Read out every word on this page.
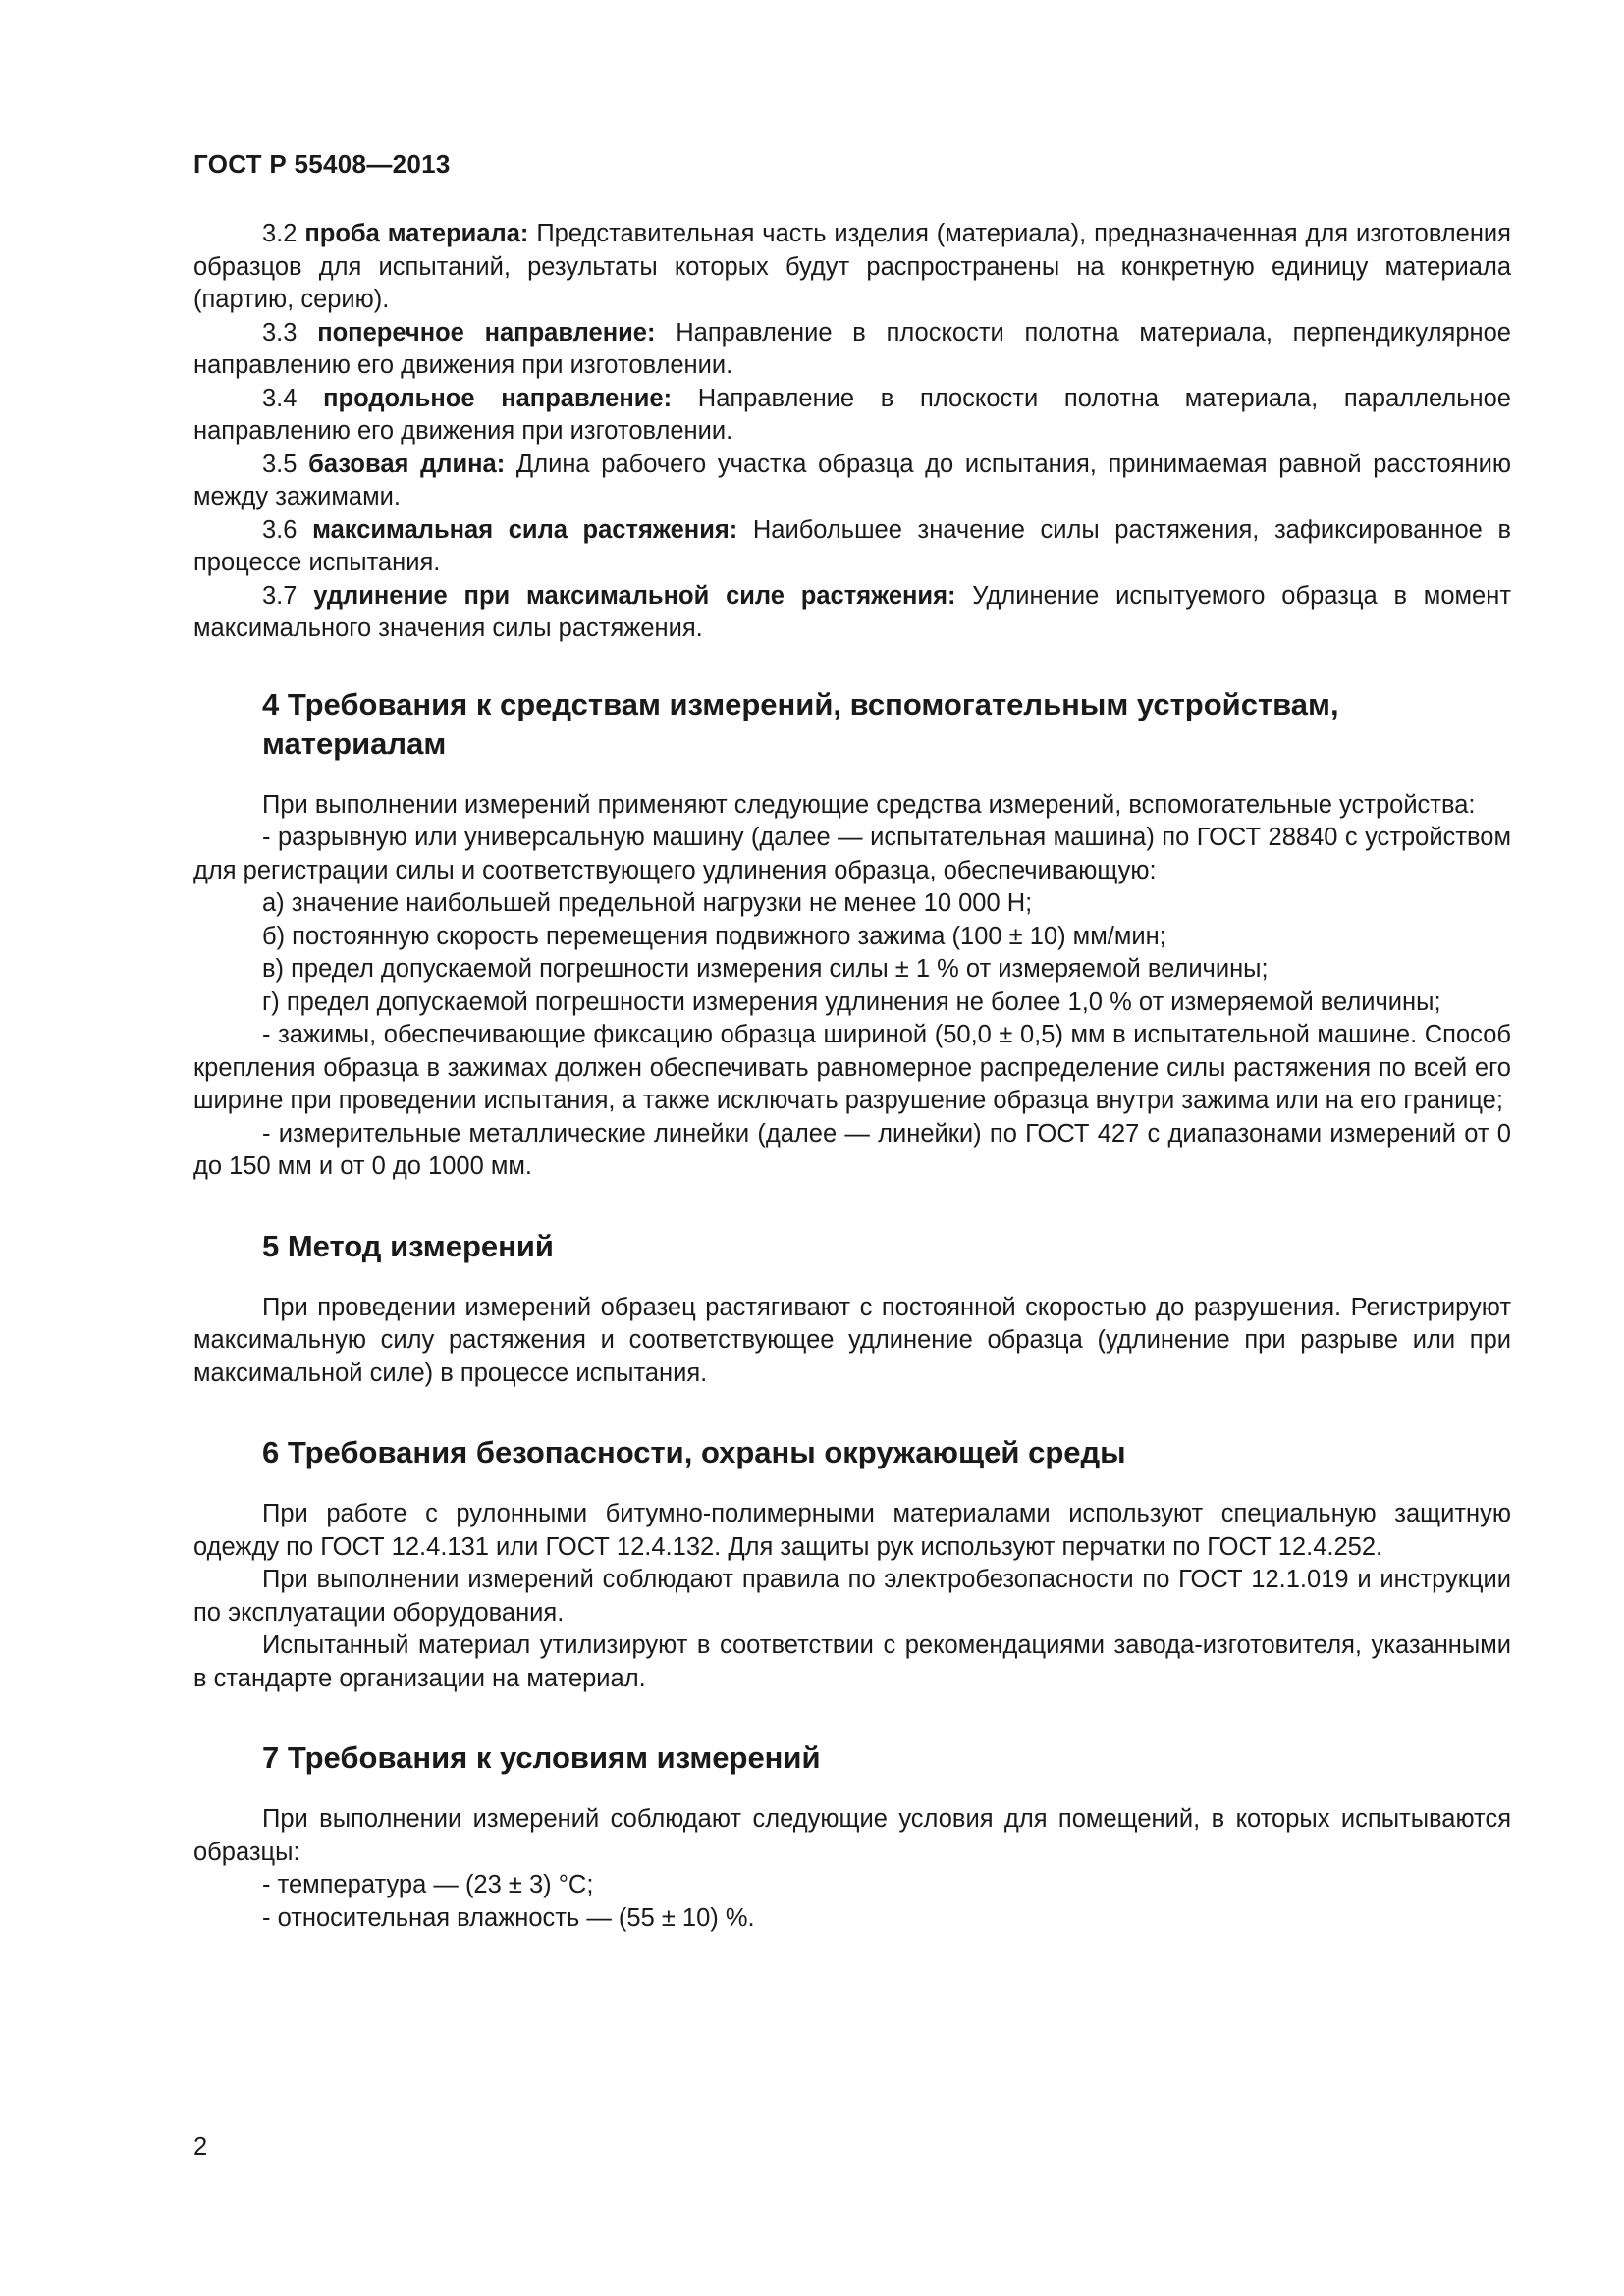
ГОСТ Р 55408—2013

3.2 проба материала: Представительная часть изделия (материала), предназначенная для изготовления образцов для испытаний, результаты которых будут распространены на конкретную единицу материала (партию, серию).

3.3 поперечное направление: Направление в плоскости полотна материала, перпендикулярное направлению его движения при изготовлении.

3.4 продольное направление: Направление в плоскости полотна материала, параллельное направлению его движения при изготовлении.

3.5 базовая длина: Длина рабочего участка образца до испытания, принимаемая равной расстоянию между зажимами.

3.6 максимальная сила растяжения: Наибольшее значение силы растяжения, зафиксированное в процессе испытания.

3.7 удлинение при максимальной силе растяжения: Удлинение испытуемого образца в момент максимального значения силы растяжения.

4 Требования к средствам измерений, вспомогательным устройствам, материалам

При выполнении измерений применяют следующие средства измерений, вспомогательные устройства:

- разрывную или универсальную машину (далее — испытательная машина) по ГОСТ 28840 с устройством для регистрации силы и соответствующего удлинения образца, обеспечивающую:

а) значение наибольшей предельной нагрузки не менее 10 000 Н;

б) постоянную скорость перемещения подвижного зажима (100 ± 10) мм/мин;

в) предел допускаемой погрешности измерения силы ± 1 % от измеряемой величины;

г) предел допускаемой погрешности измерения удлинения не более 1,0 % от измеряемой величины;

- зажимы, обеспечивающие фиксацию образца шириной (50,0 ± 0,5) мм в испытательной машине. Способ крепления образца в зажимах должен обеспечивать равномерное распределение силы растяжения по всей его ширине при проведении испытания, а также исключать разрушение образца внутри зажима или на его границе;

- измерительные металлические линейки (далее — линейки) по ГОСТ 427 с диапазонами измерений от 0 до 150 мм и от 0 до 1000 мм.

5 Метод измерений

При проведении измерений образец растягивают с постоянной скоростью до разрушения. Регистрируют максимальную силу растяжения и соответствующее удлинение образца (удлинение при разрыве или при максимальной силе) в процессе испытания.

6 Требования безопасности, охраны окружающей среды

При работе с рулонными битумно-полимерными материалами используют специальную защитную одежду по ГОСТ 12.4.131 или ГОСТ 12.4.132. Для защиты рук используют перчатки по ГОСТ 12.4.252.

При выполнении измерений соблюдают правила по электробезопасности по ГОСТ 12.1.019 и инструкции по эксплуатации оборудования.

Испытанный материал утилизируют в соответствии с рекомендациями завода-изготовителя, указанными в стандарте организации на материал.

7 Требования к условиям измерений

При выполнении измерений соблюдают следующие условия для помещений, в которых испытываются образцы:

- температура — (23 ± 3) °С;

- относительная влажность — (55 ± 10) %.

2
